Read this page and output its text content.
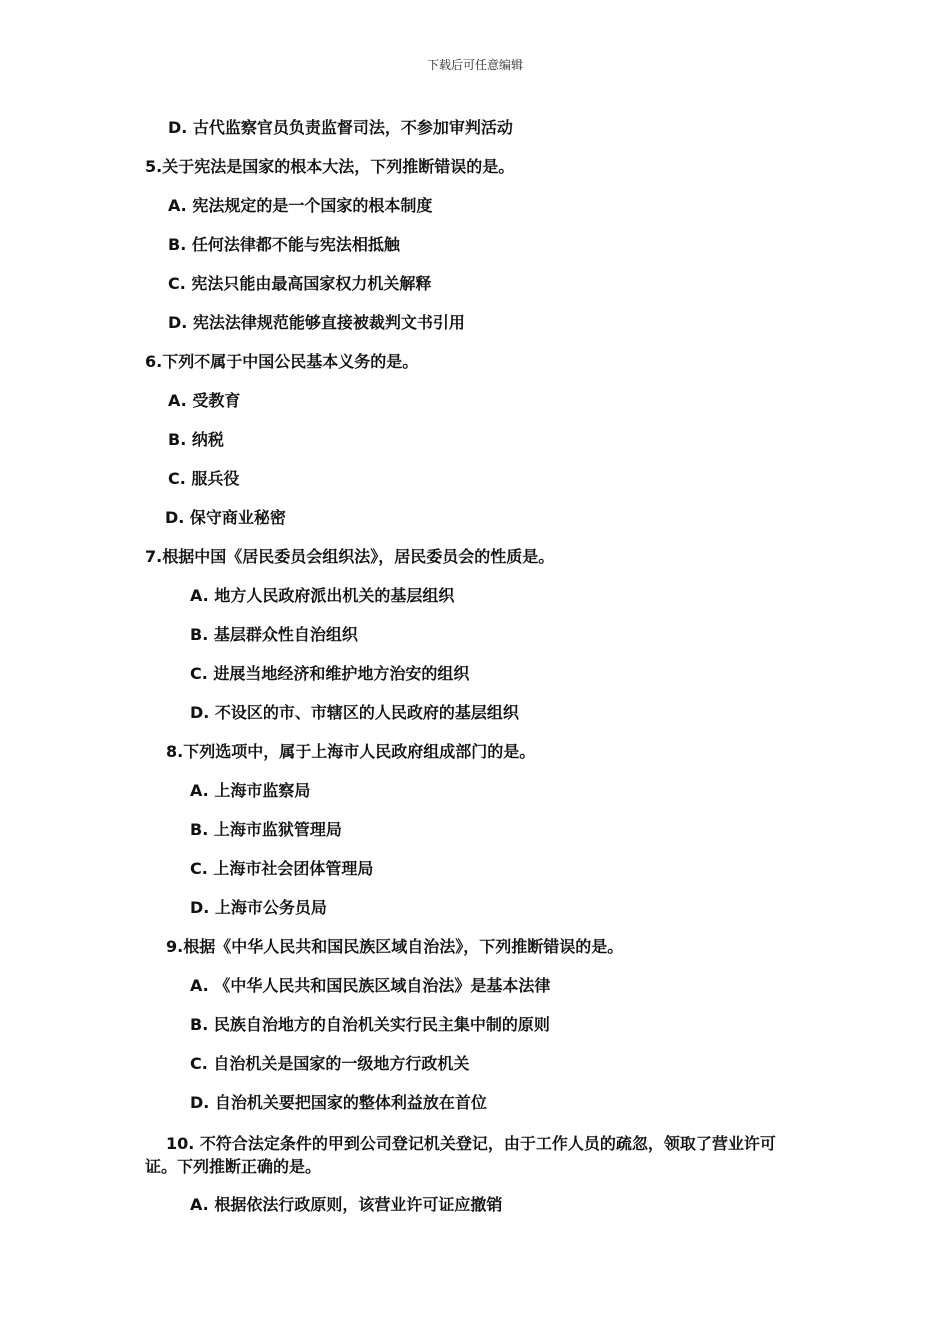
下载后可任意编辑
D. 古代监察官员负责监督司法，不参加审判活动
5.关于宪法是国家的根本大法，下列推断错误的是。
A. 宪法规定的是一个国家的根本制度
B. 任何法律都不能与宪法相抵触
C. 宪法只能由最高国家权力机关解释
D. 宪法法律规范能够直接被裁判文书引用
6.下列不属于中国公民基本义务的是。
A. 受教育
B. 纳税
C. 服兵役
D. 保守商业秘密
7.根据中国《居民委员会组织法》，居民委员会的性质是。
A. 地方人民政府派出机关的基层组织
B. 基层群众性自治组织
C. 进展当地经济和维护地方治安的组织
D. 不设区的市、市辖区的人民政府的基层组织
8.下列选项中，属于上海市人民政府组成部门的是。
A. 上海市监察局
B. 上海市监狱管理局
C. 上海市社会团体管理局
D. 上海市公务员局
9.根据《中华人民共和国民族区域自治法》，下列推断错误的是。
A. 《中华人民共和国民族区域自治法》是基本法律
B. 民族自治地方的自治机关实行民主集中制的原则
C. 自治机关是国家的一级地方行政机关
D. 自治机关要把国家的整体利益放在首位
10. 不符合法定条件的甲到公司登记机关登记，由于工作人员的疏忽，领取了营业许可证。下列推断正确的是。
A. 根据依法行政原则，该营业许可证应撤销
